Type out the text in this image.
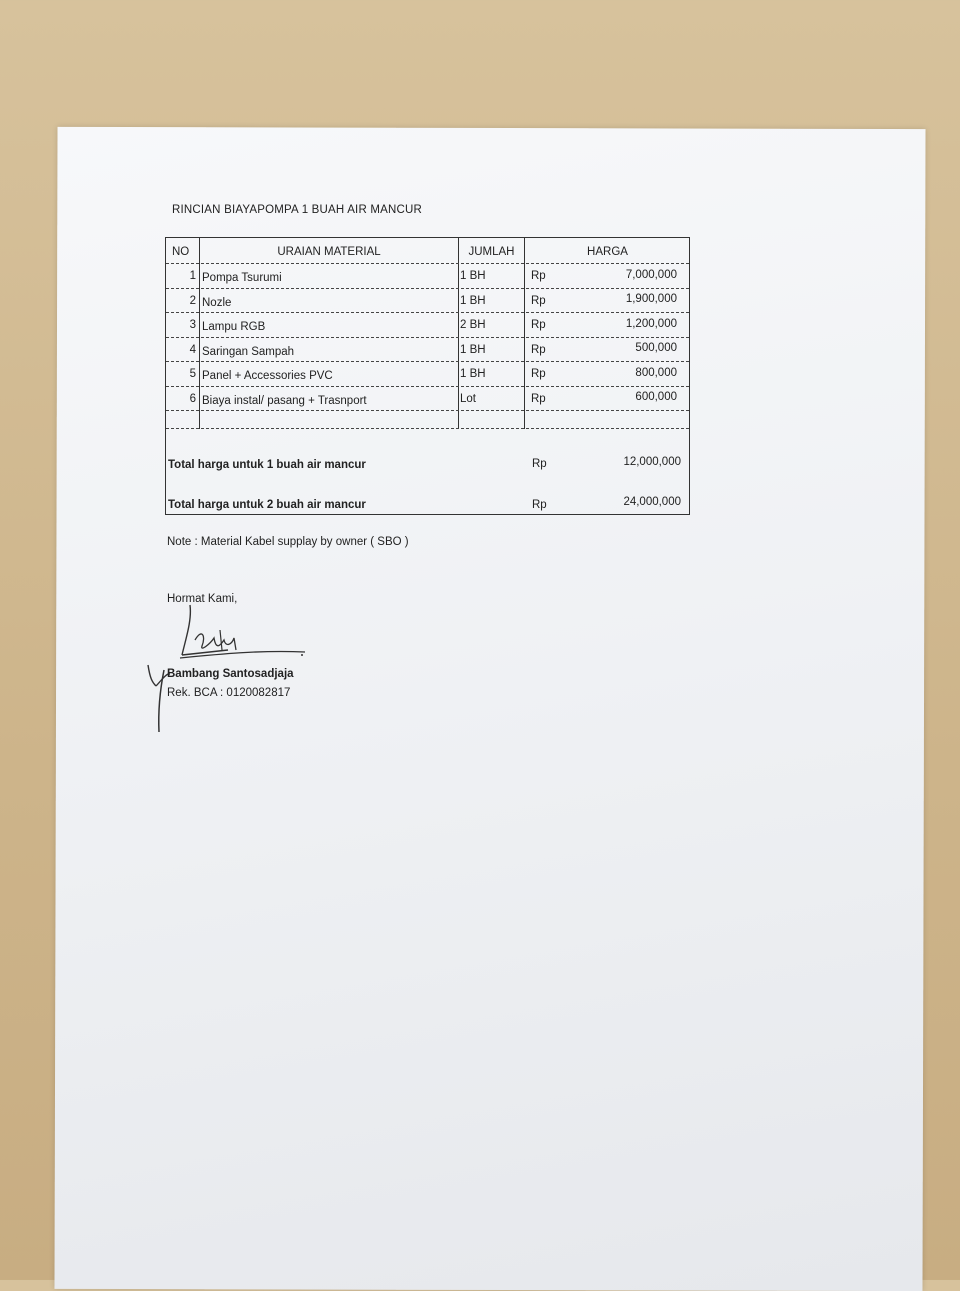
RINCIAN BIAYAPOMPA 1 BUAH AIR MANCUR
NO	URAIAN MATERIAL	JUMLAH	HARGA
1 Pompa Tsurumi	1 BH	Rp	7,000,000
2 Nozle	1 BH	Rp	1,900,000
3 Lampu RGB	2 BH	Rp	1,200,000
4 Saringan Sampah	1 BH	Rp	500,000
5 Panel + Accessories PVC	1 BH	Rp	800,000
6 Biaya instal/ pasang + Trasnport	Lot	Rp	600,000
Total harga untuk 1 buah air mancur	Rp	12,000,000
Total harga untuk 2 buah air mancur	Rp	24,000,000
Note : Material Kabel supplay by owner ( SBO )
Hormat Kami,
Bambang Santosadjaja
Rek. BCA : 0120082817
